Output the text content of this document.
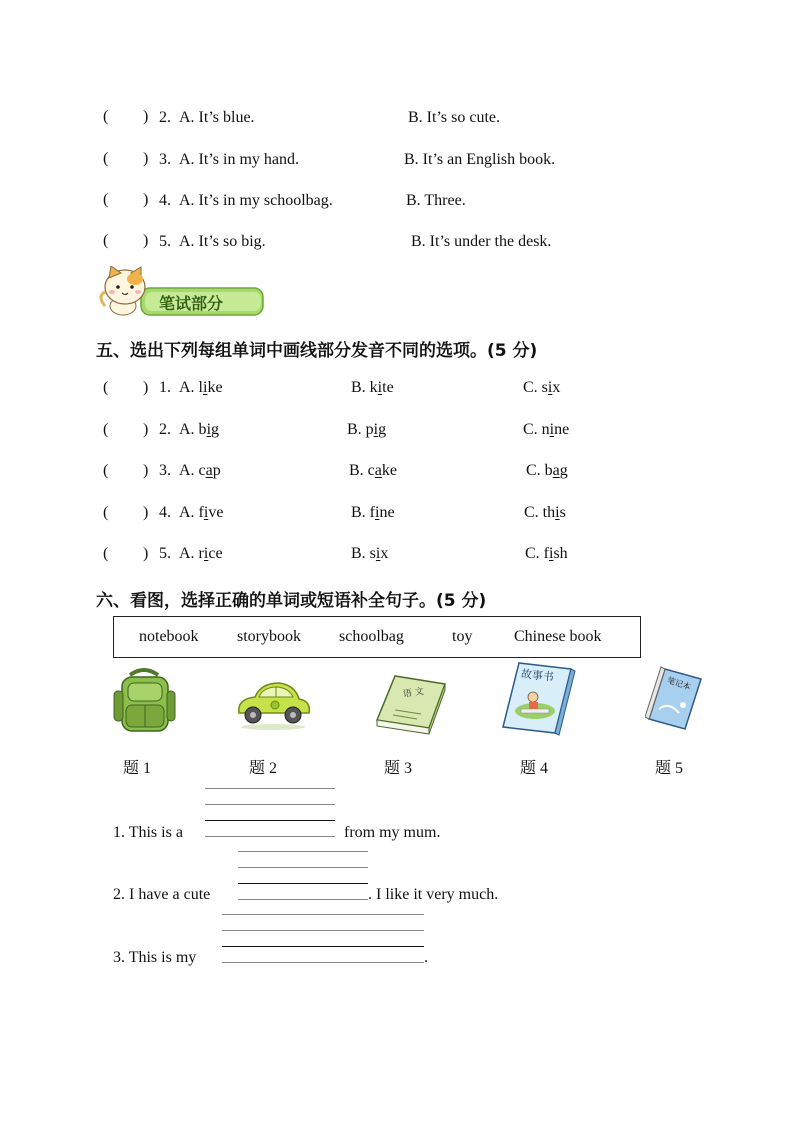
( ) 2. A. It’s blue.	B. It’s so cute.
( ) 3. A. It’s in my hand.	B. It’s an English book.
( ) 4. A. It’s in my schoolbag.	B. Three.
( ) 5. A. It’s so big.	B. It’s under the desk.
笔试部分
五、选出下列每组单词中画线部分发音不同的选项。(5 分)
( ) 1. A. like	B. kite	C. six
( ) 2. A. big	B. pig	C. nine
( ) 3. A. cap	B. cake	C. bag
( ) 4. A. five	B. fine	C. this
( ) 5. A. rice	B. six	C. fish
六、看图，选择正确的单词或短语补全句子。(5 分)
notebook storybook schoolbag	toy	Chinese book
语 文
故事书
笔记本
题 1	题 2	题 3	题 4	题 5
1. This is a	from my mum.
2. I have a cute	. I like it very much.
3. This is my	.
